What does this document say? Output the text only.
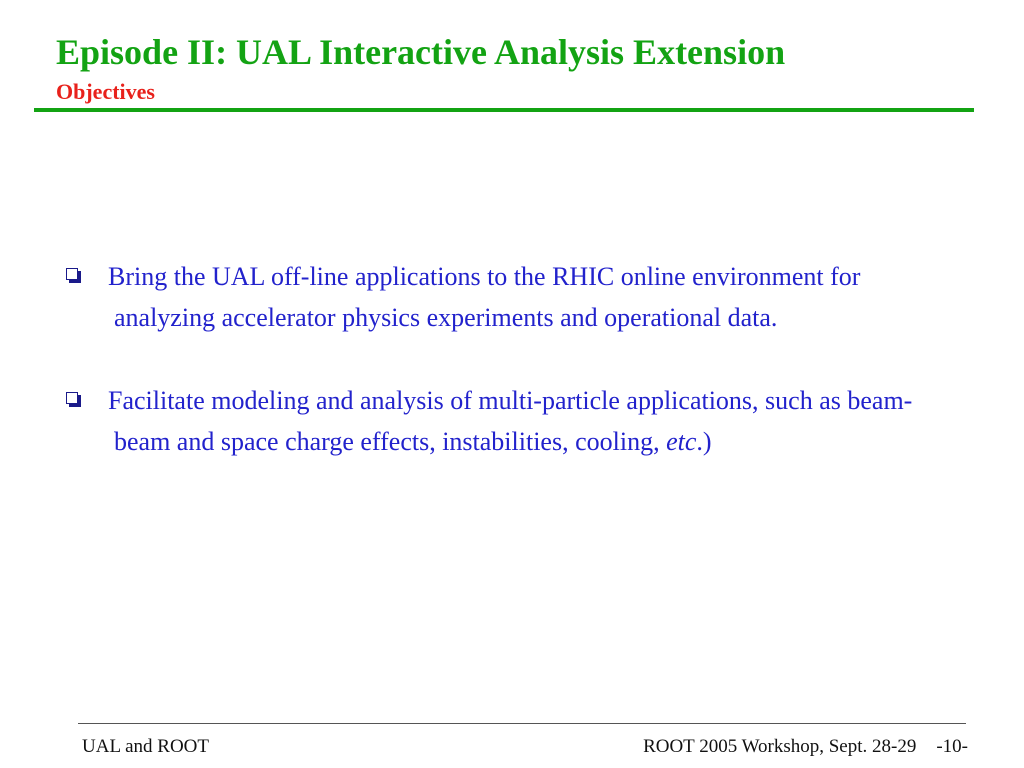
Episode II: UAL Interactive Analysis Extension
Objectives
Bring the UAL off-line applications to the RHIC online environment for analyzing accelerator physics experiments and operational data.
Facilitate modeling and analysis of multi-particle applications, such as beam-beam and space charge effects, instabilities, cooling, etc.)
UAL and ROOT	ROOT 2005 Workshop, Sept. 28-29 -10-
